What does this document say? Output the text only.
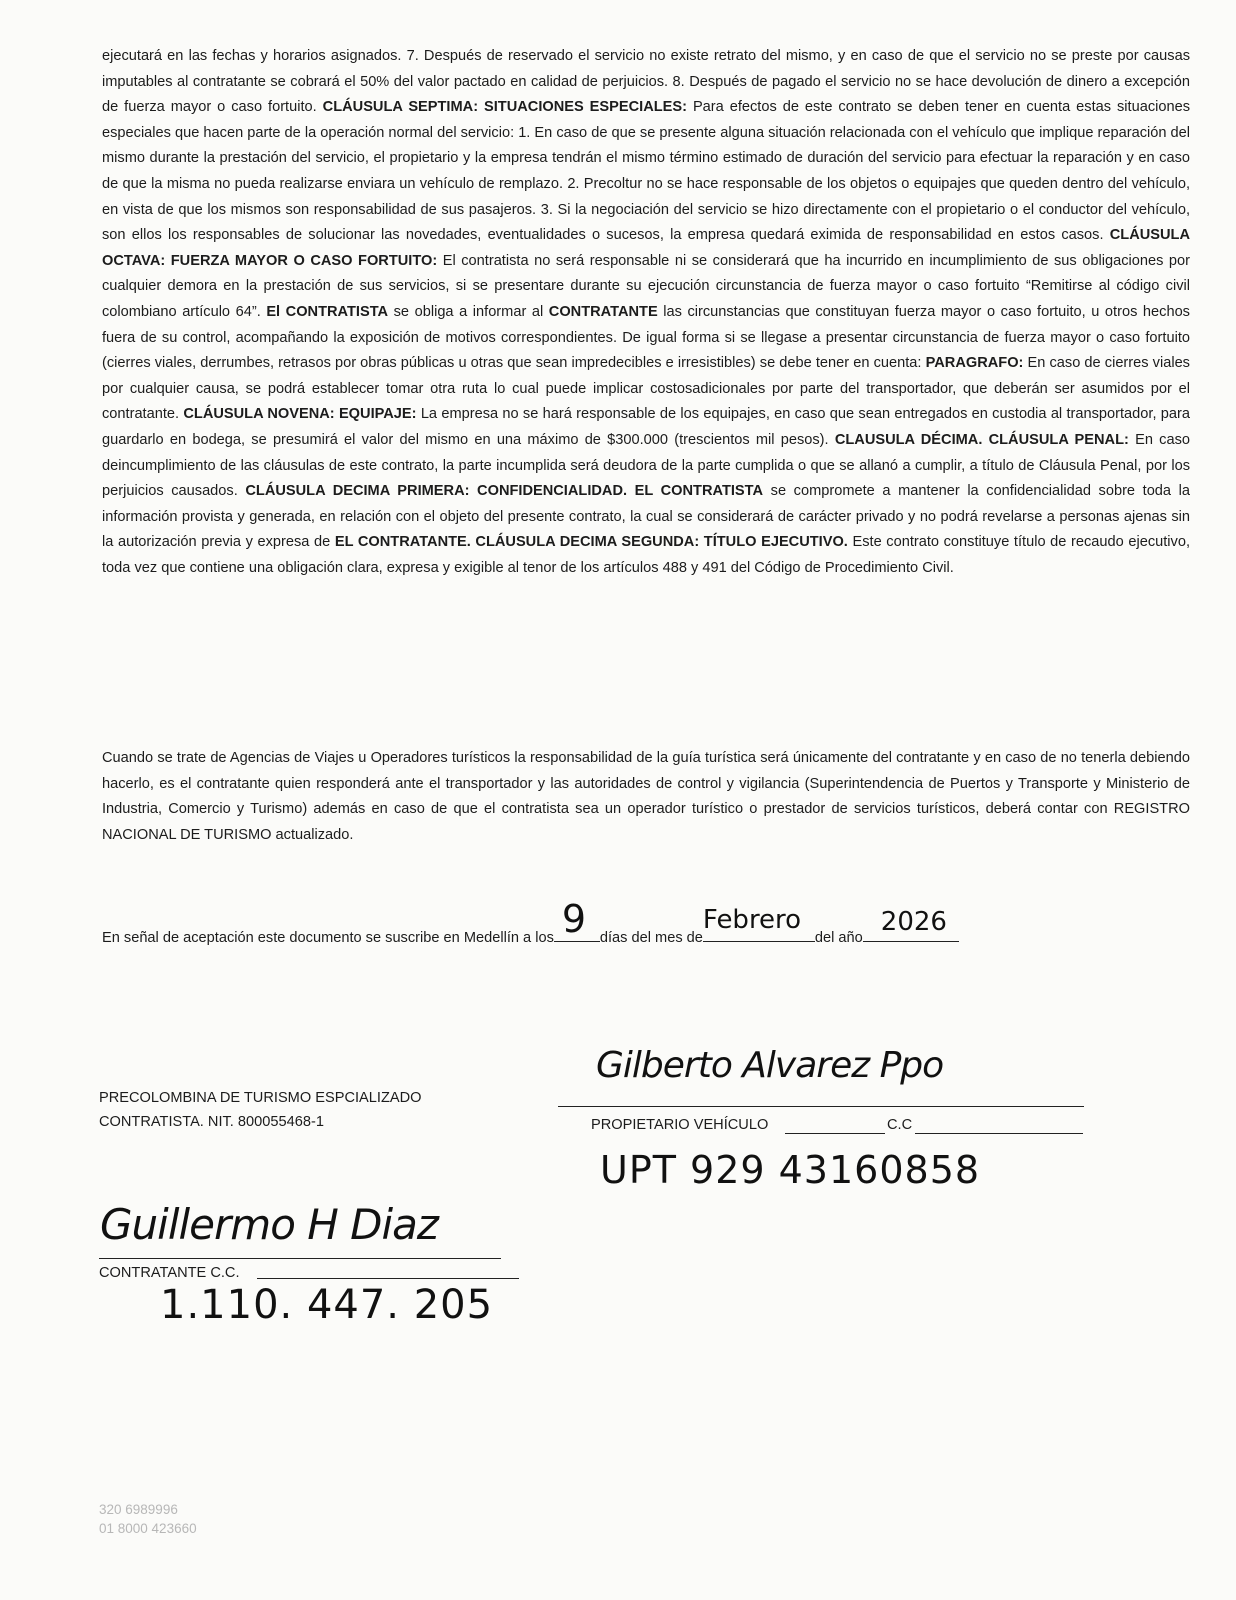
ejecutará en las fechas y horarios asignados. 7. Después de reservado el servicio no existe retrato del mismo, y en caso de que el servicio no se preste por causas imputables al contratante se cobrará el 50% del valor pactado en calidad de perjuicios. 8. Después de pagado el servicio no se hace devolución de dinero a excepción de fuerza mayor o caso fortuito. CLÁUSULA SEPTIMA: SITUACIONES ESPECIALES: Para efectos de este contrato se deben tener en cuenta estas situaciones especiales que hacen parte de la operación normal del servicio: 1. En caso de que se presente alguna situación relacionada con el vehículo que implique reparación del mismo durante la prestación del servicio, el propietario y la empresa tendrán el mismo término estimado de duración del servicio para efectuar la reparación y en caso de que la misma no pueda realizarse enviara un vehículo de remplazo. 2. Precoltur no se hace responsable de los objetos o equipajes que queden dentro del vehículo, en vista de que los mismos son responsabilidad de sus pasajeros. 3. Si la negociación del servicio se hizo directamente con el propietario o el conductor del vehículo, son ellos los responsables de solucionar las novedades, eventualidades o sucesos, la empresa quedará eximida de responsabilidad en estos casos. CLÁUSULA OCTAVA: FUERZA MAYOR O CASO FORTUITO: El contratista no será responsable ni se considerará que ha incurrido en incumplimiento de sus obligaciones por cualquier demora en la prestación de sus servicios, si se presentare durante su ejecución circunstancia de fuerza mayor o caso fortuito “Remitirse al código civil colombiano artículo 64”. El CONTRATISTA se obliga a informar al CONTRATANTE las circunstancias que constituyan fuerza mayor o caso fortuito, u otros hechos fuera de su control, acompañando la exposición de motivos correspondientes. De igual forma si se llegase a presentar circunstancia de fuerza mayor o caso fortuito (cierres viales, derrumbes, retrasos por obras públicas u otras que sean impredecibles e irresistibles) se debe tener en cuenta: PARAGRAFO: En caso de cierres viales por cualquier causa, se podrá establecer tomar otra ruta lo cual puede implicar costosadicionales por parte del transportador, que deberán ser asumidos por el contratante. CLÁUSULA NOVENA: EQUIPAJE: La empresa no se hará responsable de los equipajes, en caso que sean entregados en custodia al transportador, para guardarlo en bodega, se presumirá el valor del mismo en una máximo de $300.000 (trescientos mil pesos). CLAUSULA DÉCIMA. CLÁUSULA PENAL: En caso deincumplimiento de las cláusulas de este contrato, la parte incumplida será deudora de la parte cumplida o que se allanó a cumplir, a título de Cláusula Penal, por los perjuicios causados. CLÁUSULA DECIMA PRIMERA: CONFIDENCIALIDAD. EL CONTRATISTA se compromete a mantener la confidencialidad sobre toda la información provista y generada, en relación con el objeto del presente contrato, la cual se considerará de carácter privado y no podrá revelarse a personas ajenas sin la autorización previa y expresa de EL CONTRATANTE. CLÁUSULA DECIMA SEGUNDA: TÍTULO EJECUTIVO. Este contrato constituye título de recaudo ejecutivo, toda vez que contiene una obligación clara, expresa y exigible al tenor de los artículos 488 y 491 del Código de Procedimiento Civil.

Cuando se trate de Agencias de Viajes u Operadores turísticos la responsabilidad de la guía turística será únicamente del contratante y en caso de no tenerla debiendo hacerlo, es el contratante quien responderá ante el transportador y las autoridades de control y vigilancia (Superintendencia de Puertos y Transporte y Ministerio de Industria, Comercio y Turismo) además en caso de que el contratista sea un operador turístico o prestador de servicios turísticos, deberá contar con REGISTRO NACIONAL DE TURISMO actualizado.

En señal de aceptación este documento se suscribe en Medellín a los 9 días del mes de
Febrero
del año
2026
PRECOLOMBINA DE TURISMO ESPCIALIZADO
CONTRATISTA. NIT. 800055468-1
Gilberto Alvarez Ppo
PROPIETARIO VEHÍCULO	C.C
UPT 929 43160858
Guillermo H Diaz
CONTRATANTE C.C.
1.110. 447. 205
320 6989996
01 8000 423660
